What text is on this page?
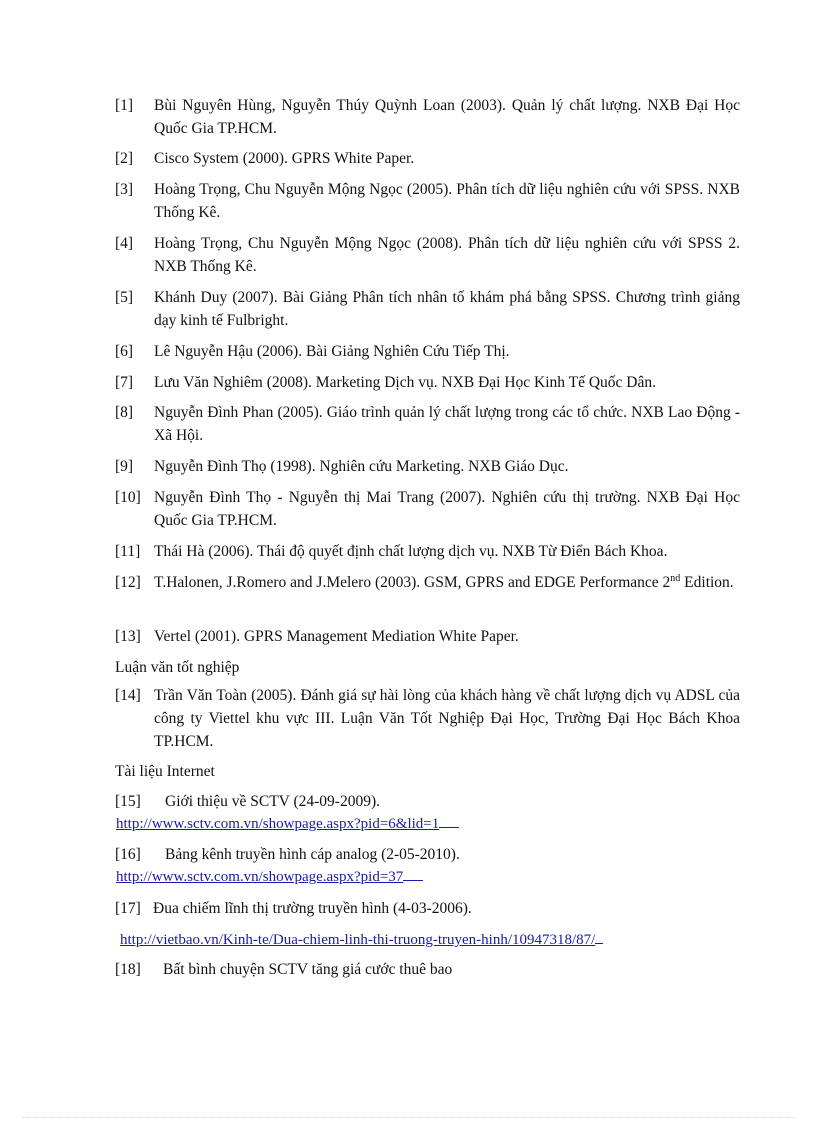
[1]	Bùi Nguyên Hùng, Nguyễn Thúy Quỳnh Loan (2003). Quản lý chất lượng. NXB Đại Học Quốc Gia TP.HCM.
[2]	Cisco System (2000). GPRS White Paper.
[3]	Hoàng Trọng, Chu Nguyễn Mộng Ngọc (2005). Phân tích dữ liệu nghiên cứu với SPSS. NXB Thống Kê.
[4]	Hoàng Trọng, Chu Nguyễn Mộng Ngọc (2008). Phân tích dữ liệu nghiên cứu với SPSS 2. NXB Thống Kê.
[5]	Khánh Duy (2007). Bài Giảng Phân tích nhân tố khám phá bằng SPSS. Chương trình giảng dạy kinh tế Fulbright.
[6]	Lê Nguyễn Hậu (2006). Bài Giảng Nghiên Cứu Tiếp Thị.
[7]	Lưu Văn Nghiêm (2008). Marketing Dịch vụ. NXB Đại Học Kinh Tế Quốc Dân.
[8]	Nguyễn Đình Phan (2005). Giáo trình quản lý chất lượng trong các tổ chức. NXB Lao Động - Xã Hội.
[9]	Nguyễn Đình Thọ (1998). Nghiên cứu Marketing. NXB Giáo Dục.
[10] Nguyễn Đình Thọ - Nguyễn thị Mai Trang (2007). Nghiên cứu thị trường. NXB Đại Học Quốc Gia TP.HCM.
[11] Thái Hà (2006). Thái độ quyết định chất lượng dịch vụ. NXB Từ Điển Bách Khoa.
[12] T.Halonen, J.Romero and J.Melero (2003). GSM, GPRS and EDGE Performance 2nd Edition.
[13] Vertel (2001). GPRS Management Mediation White Paper.
Luận văn tốt nghiệp
[14] Trần Văn Toàn (2005). Đánh giá sự hài lòng của khách hàng về chất lượng dịch vụ ADSL của công ty Viettel khu vực III. Luận Văn Tốt Nghiệp Đại Học, Trường Đại Học Bách Khoa TP.HCM.
Tài liệu Internet
[15] Giới thiệu về SCTV (24-09-2009).
http://www.sctv.com.vn/showpage.aspx?pid=6&lid=1
[16] Bảng kênh truyền hình cáp analog (2-05-2010).
http://www.sctv.com.vn/showpage.aspx?pid=37
[17] Đua chiếm lĩnh thị trường truyền hình (4-03-2006).
http://vietbao.vn/Kinh-te/Dua-chiem-linh-thi-truong-truyen-hinh/10947318/87/
[18] Bất bình chuyện SCTV tăng giá cước thuê bao
